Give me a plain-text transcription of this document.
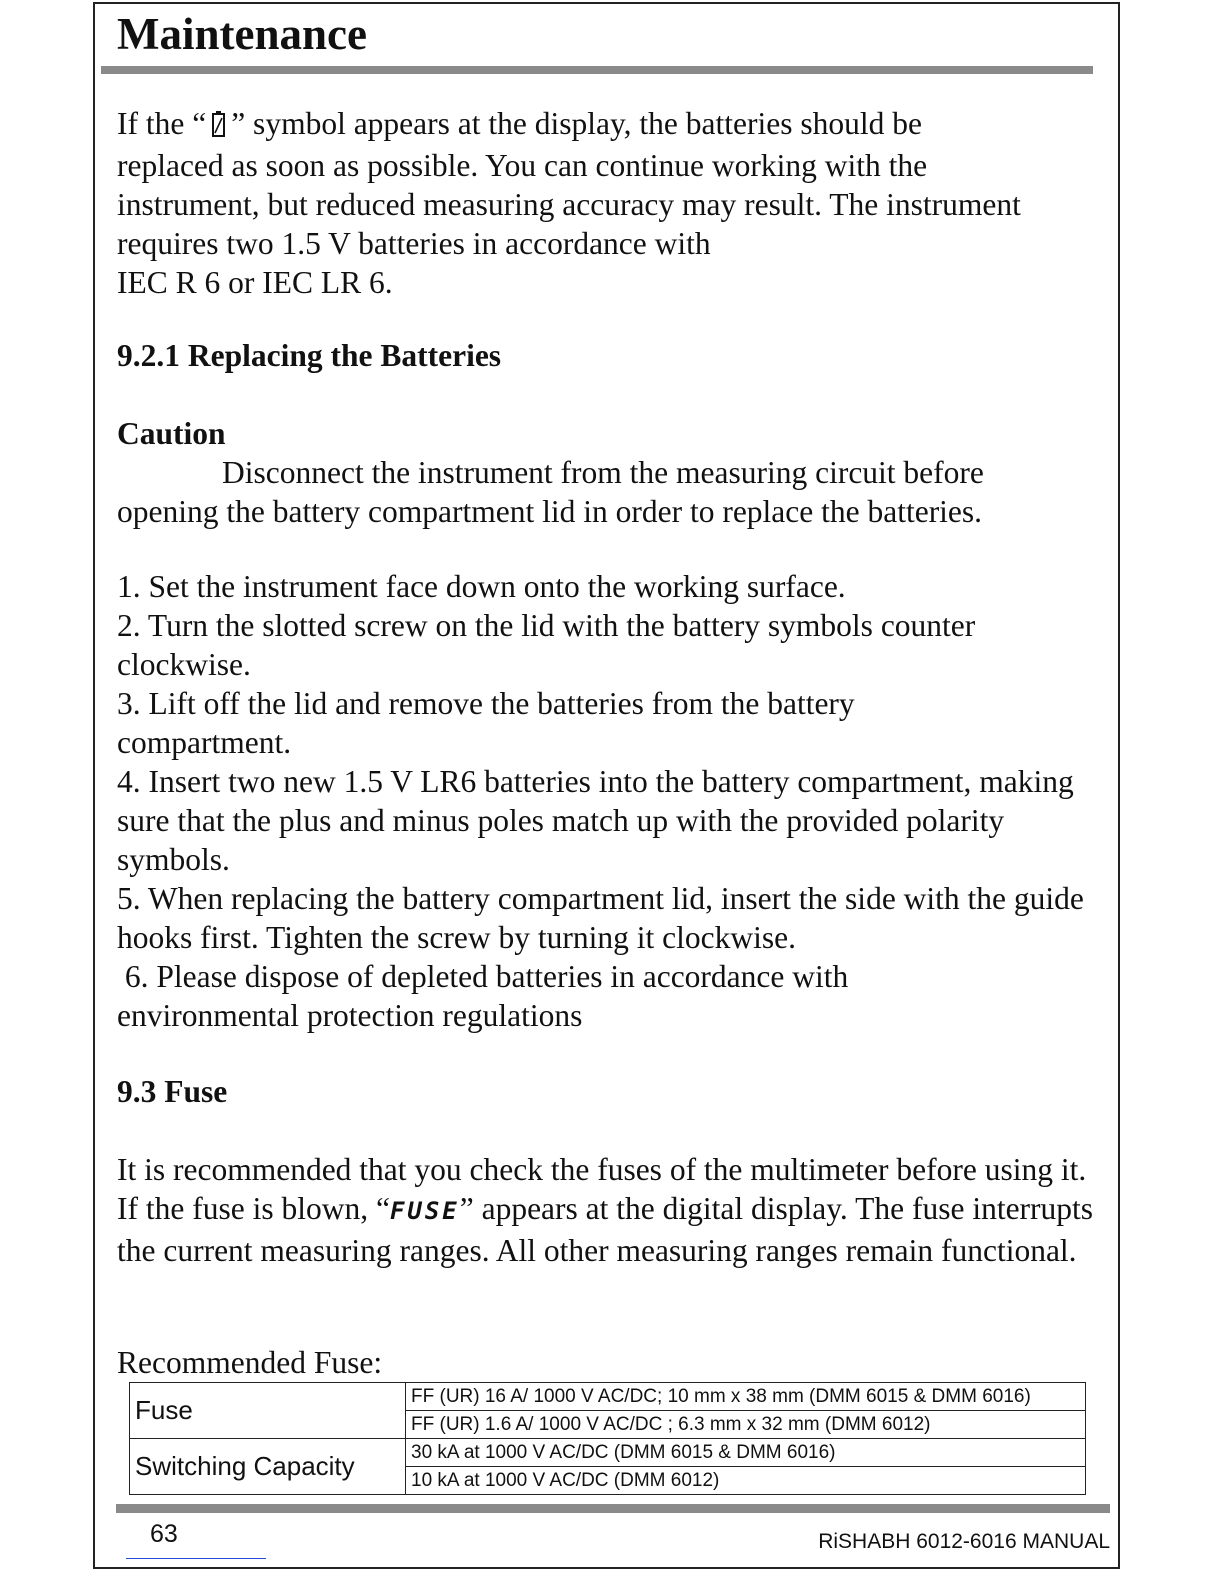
Maintenance

If the “ ” symbol appears at the display, the batteries should be

replaced as soon as possible. You can continue working with the instrument, but reduced measuring accuracy may result. The instrument requires two 1.5 V batteries in accordance with

IEC R 6 or IEC LR 6.

9.2.1 Replacing the Batteries

Caution

Disconnect the instrument from the measuring circuit before

opening the battery compartment lid in order to replace the batteries.

1. Set the instrument face down onto the working surface.

2. Turn the slotted screw on the lid with the battery symbols counter clockwise.

3. Lift off the lid and remove the batteries from the battery compartment.

4. Insert two new 1.5 V LR6 batteries into the battery compartment, making sure that the plus and minus poles match up with the provided polarity symbols.

5. When replacing the battery compartment lid, insert the side with the guide hooks first. Tighten the screw by turning it clockwise.

6. Please dispose of depleted batteries in accordance with environmental protection regulations

9.3 Fuse

It is recommended that you check the fuses of the multimeter before using it. If the fuse is blown, “FUSE” appears at the digital display. The fuse interrupts the current measuring ranges. All other measuring ranges remain functional.

Recommended Fuse:
Fuse	FF (UR) 16 A/ 1000 V AC/DC; 10 mm x 38 mm (DMM 6015 & DMM 6016)
	FF (UR) 1.6 A/ 1000 V AC/DC ; 6.3 mm x 32 mm (DMM 6012)
Switching Capacity	30 kA at 1000 V AC/DC (DMM 6015 & DMM 6016)
	10 kA at 1000 V AC/DC (DMM 6012)
63	RiSHABH 6012-6016 MANUAL
